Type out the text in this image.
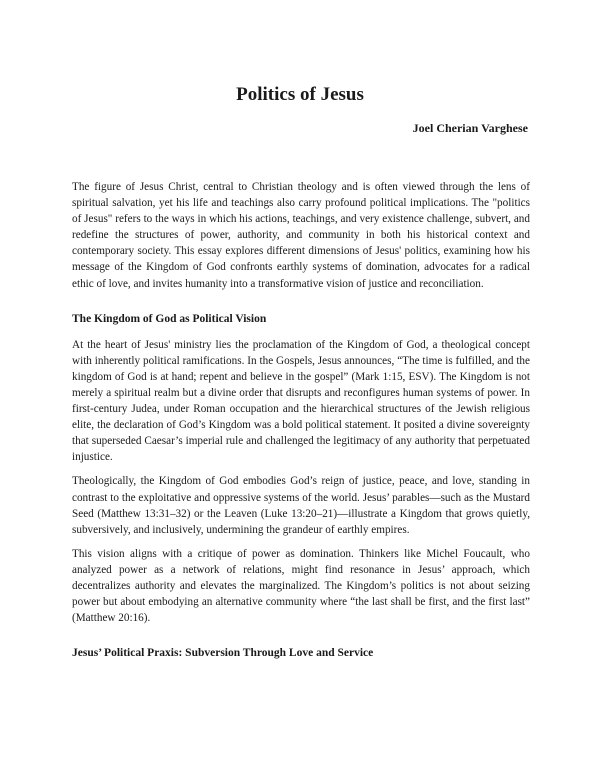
Politics of Jesus
Joel Cherian Varghese

The figure of Jesus Christ, central to Christian theology and is often viewed through the lens of spiritual salvation, yet his life and teachings also carry profound political implications. The "politics of Jesus" refers to the ways in which his actions, teachings, and very existence challenge, subvert, and redefine the structures of power, authority, and community in both his historical context and contemporary society. This essay explores different dimensions of Jesus' politics, examining how his message of the Kingdom of God confronts earthly systems of domination, advocates for a radical ethic of love, and invites humanity into a transformative vision of justice and reconciliation.

The Kingdom of God as Political Vision

At the heart of Jesus' ministry lies the proclamation of the Kingdom of God, a theological concept with inherently political ramifications. In the Gospels, Jesus announces, “The time is fulfilled, and the kingdom of God is at hand; repent and believe in the gospel” (Mark 1:15, ESV). The Kingdom is not merely a spiritual realm but a divine order that disrupts and reconfigures human systems of power. In first-century Judea, under Roman occupation and the hierarchical structures of the Jewish religious elite, the declaration of God’s Kingdom was a bold political statement. It posited a divine sovereignty that superseded Caesar’s imperial rule and challenged the legitimacy of any authority that perpetuated injustice.

Theologically, the Kingdom of God embodies God’s reign of justice, peace, and love, standing in contrast to the exploitative and oppressive systems of the world. Jesus’ parables—such as the Mustard Seed (Matthew 13:31–32) or the Leaven (Luke 13:20–21)—illustrate a Kingdom that grows quietly, subversively, and inclusively, undermining the grandeur of earthly empires.

This vision aligns with a critique of power as domination. Thinkers like Michel Foucault, who analyzed power as a network of relations, might find resonance in Jesus’ approach, which decentralizes authority and elevates the marginalized. The Kingdom’s politics is not about seizing power but about embodying an alternative community where “the last shall be first, and the first last” (Matthew 20:16).

Jesus’ Political Praxis: Subversion Through Love and Service
